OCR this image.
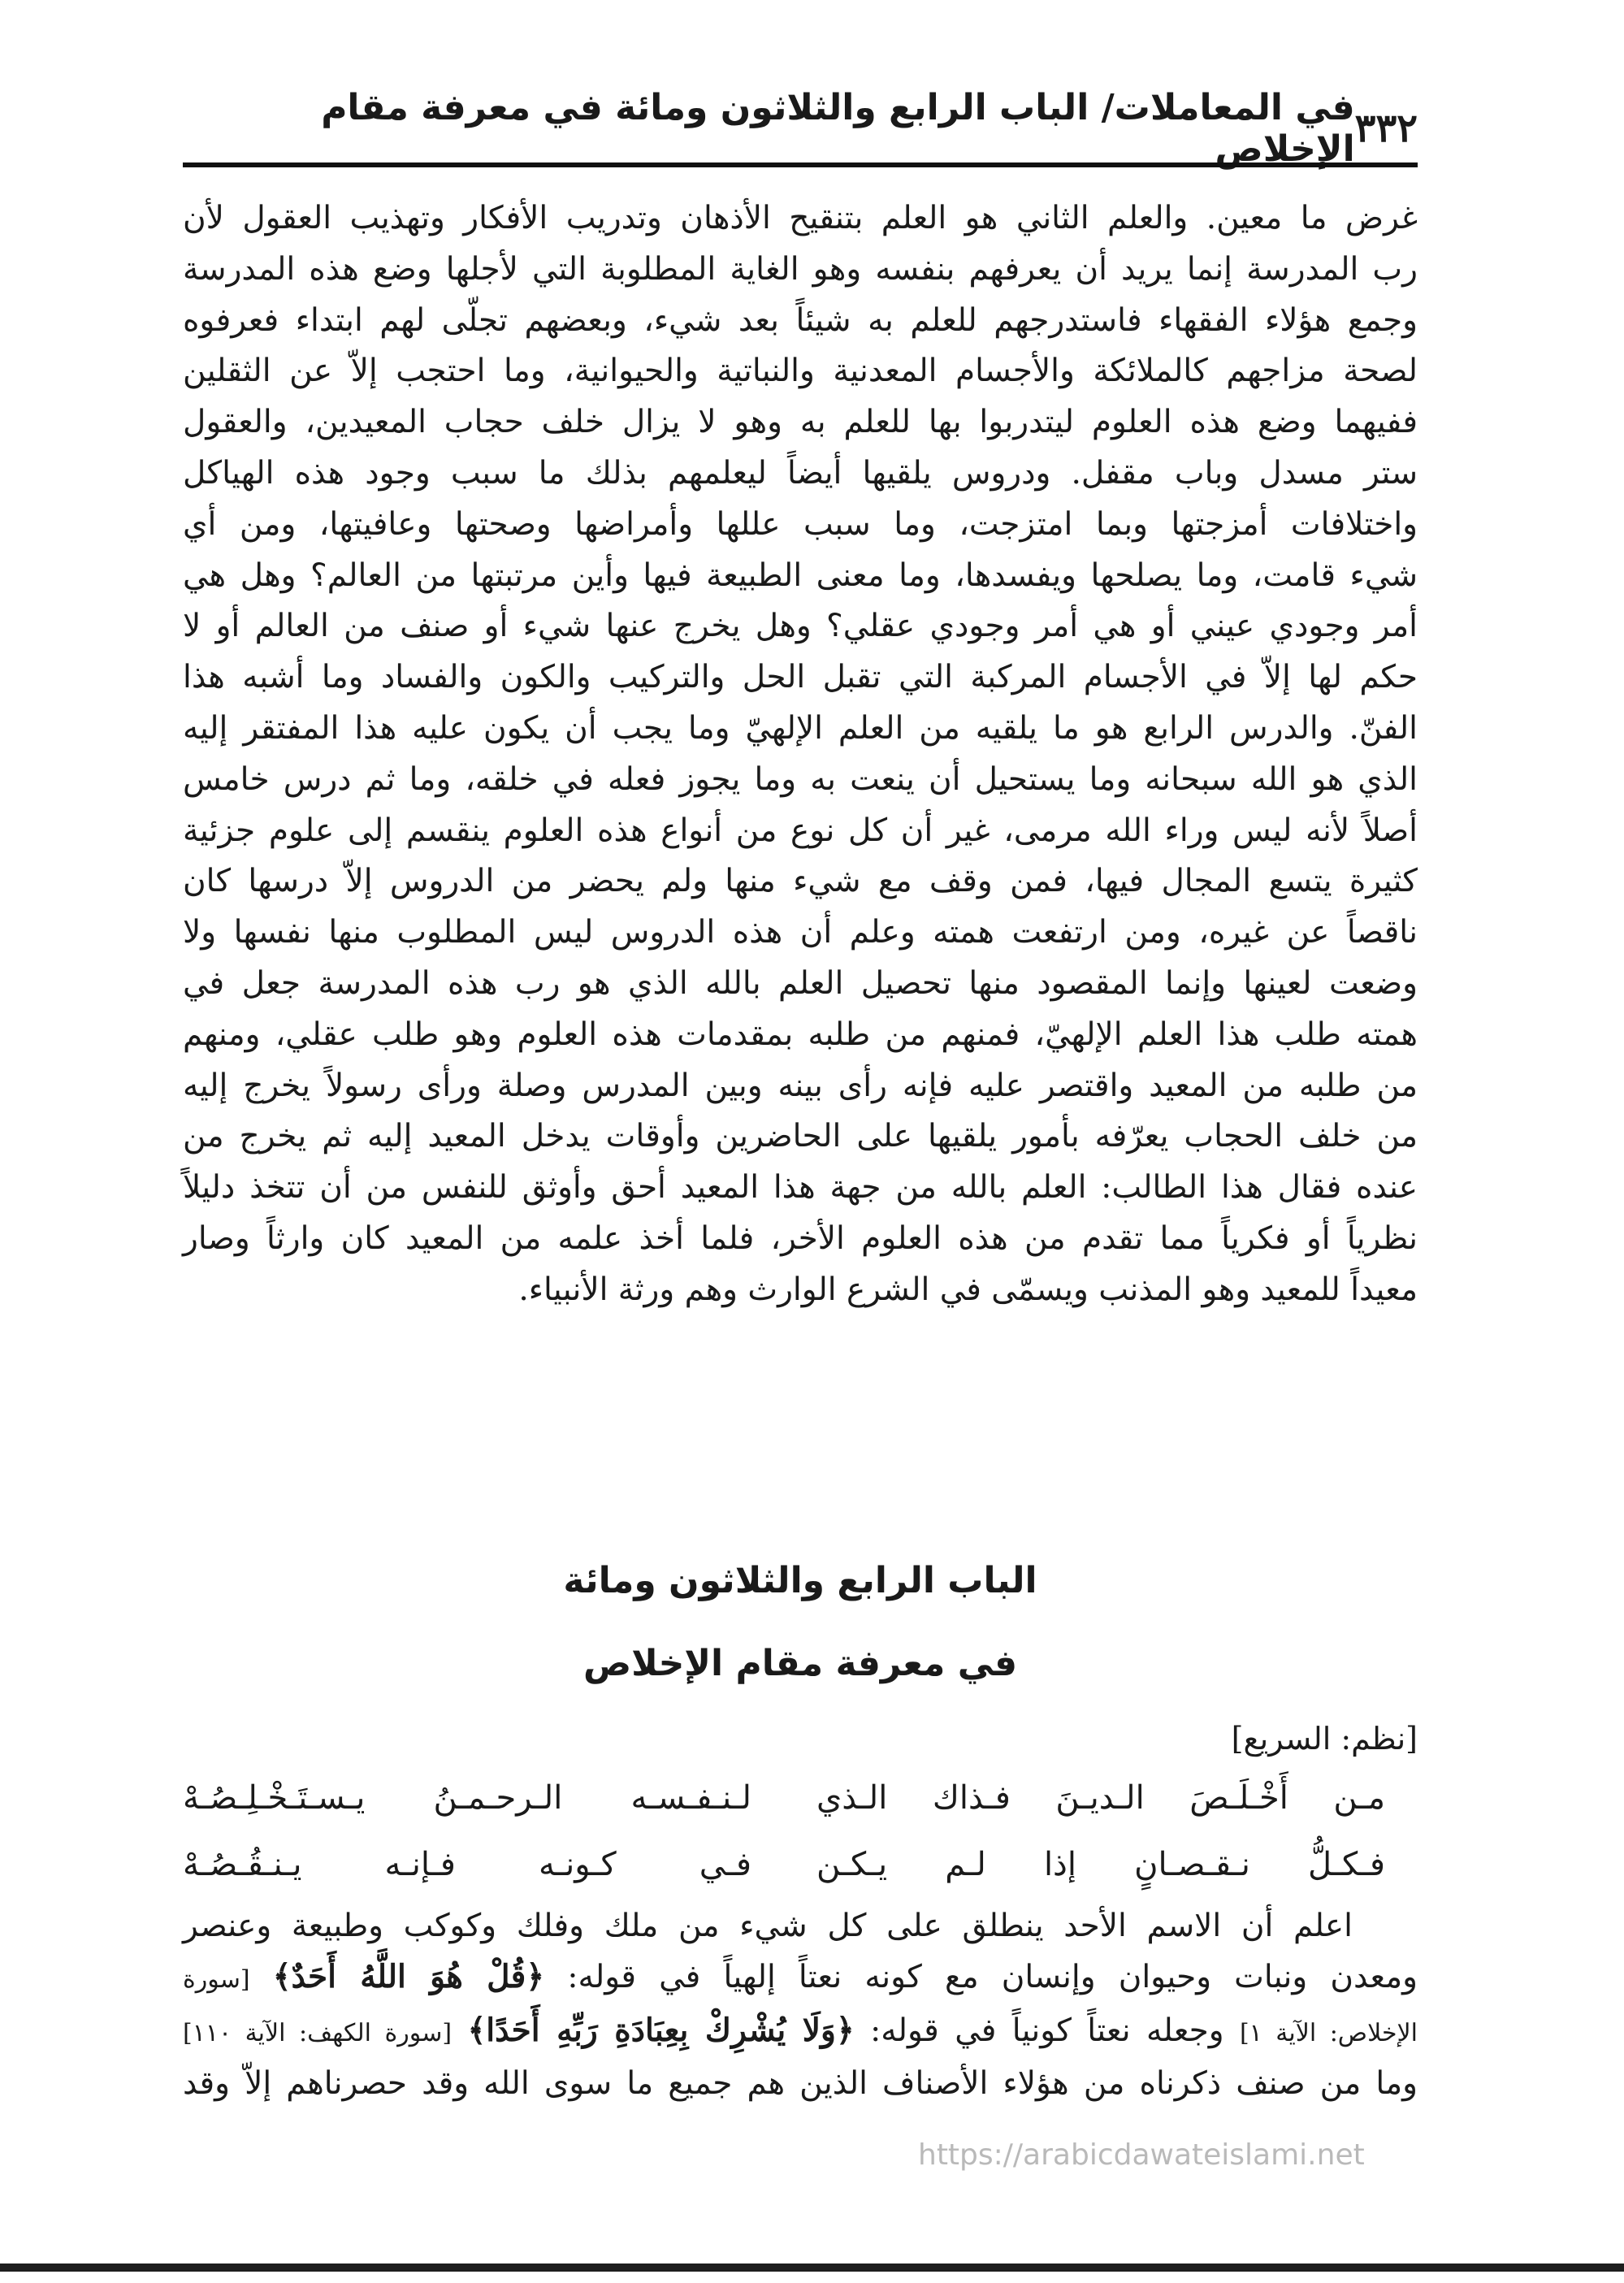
٣٣٢
في المعاملات/ الباب الرابع والثلاثون ومائة في معرفة مقام الإخلاص
غرض ما معين. والعلم الثاني هو العلم بتنقيح الأذهان وتدريب الأفكار وتهذيب العقول لأن
رب المدرسة إنما يريد أن يعرفهم بنفسه وهو الغاية المطلوبة التي لأجلها وضع هذه المدرسة
وجمع هؤلاء الفقهاء فاستدرجهم للعلم به شيئاً بعد شيء، وبعضهم تجلّى لهم ابتداء فعرفوه
لصحة مزاجهم كالملائكة والأجسام المعدنية والنباتية والحيوانية، وما احتجب إلاّ عن الثقلين
ففيهما وضع هذه العلوم ليتدربوا بها للعلم به وهو لا يزال خلف حجاب المعيدين، والعقول
ستر مسدل وباب مقفل. ودروس يلقيها أيضاً ليعلمهم بذلك ما سبب وجود هذه الهياكل
واختلافات أمزجتها وبما امتزجت، وما سبب عللها وأمراضها وصحتها وعافيتها، ومن أي
شيء قامت، وما يصلحها ويفسدها، وما معنى الطبيعة فيها وأين مرتبتها من العالم؟ وهل هي
أمر وجودي عيني أو هي أمر وجودي عقلي؟ وهل يخرج عنها شيء أو صنف من العالم أو لا
حكم لها إلاّ في الأجسام المركبة التي تقبل الحل والتركيب والكون والفساد وما أشبه هذا
الفنّ. والدرس الرابع هو ما يلقيه من العلم الإلهيّ وما يجب أن يكون عليه هذا المفتقر إليه
الذي هو الله سبحانه وما يستحيل أن ينعت به وما يجوز فعله في خلقه، وما ثم درس خامس
أصلاً لأنه ليس وراء الله مرمى، غير أن كل نوع من أنواع هذه العلوم ينقسم إلى علوم جزئية
كثيرة يتسع المجال فيها، فمن وقف مع شيء منها ولم يحضر من الدروس إلاّ درسها كان
ناقصاً عن غيره، ومن ارتفعت همته وعلم أن هذه الدروس ليس المطلوب منها نفسها ولا
وضعت لعينها وإنما المقصود منها تحصيل العلم بالله الذي هو رب هذه المدرسة جعل في
همته طلب هذا العلم الإلهيّ، فمنهم من طلبه بمقدمات هذه العلوم وهو طلب عقلي، ومنهم
من طلبه من المعيد واقتصر عليه فإنه رأى بينه وبين المدرس وصلة ورأى رسولاً يخرج إليه
من خلف الحجاب يعرّفه بأمور يلقيها على الحاضرين وأوقات يدخل المعيد إليه ثم يخرج من
عنده فقال هذا الطالب: العلم بالله من جهة هذا المعيد أحق وأوثق للنفس من أن تتخذ دليلاً
نظرياً أو فكرياً مما تقدم من هذه العلوم الأخر، فلما أخذ علمه من المعيد كان وارثاً وصار
معيداً للمعيد وهو المذنب ويسمّى في الشرع الوارث وهم ورثة الأنبياء.
الباب الرابع والثلاثون ومائة
في معرفة مقام الإخلاص
[نظم: السريع]
مـن أَخْـلَـصَ الـديـنَ فـذاك الـذي
لـنـفـسـه الـرحـمـنُ يـسـتَـخْـلِـصُـهْ
فـكـلُّ نـقـصـانٍ إذا لـم يـكـن
فـي كـونـه فـإنـه يـنـقُـصُـهْ
اعلم أن الاسم الأحد ينطلق على كل شيء من ملك وفلك وكوكب وطبيعة وعنصر
ومعدن ونبات وحيوان وإنسان مع كونه نعتاً إلهياً في قوله: ﴿قُلْ هُوَ اللَّهُ أَحَدٌ﴾ [سورة
الإخلاص: الآية ١] وجعله نعتاً كونياً في قوله: ﴿وَلَا يُشْرِكْ بِعِبَادَةِ رَبِّهِ أَحَدًا﴾ [سورة الكهف: الآية ١١٠]
وما من صنف ذكرناه من هؤلاء الأصناف الذين هم جميع ما سوى الله وقد حصرناهم إلاّ وقد
https://arabicdawateislami.net
